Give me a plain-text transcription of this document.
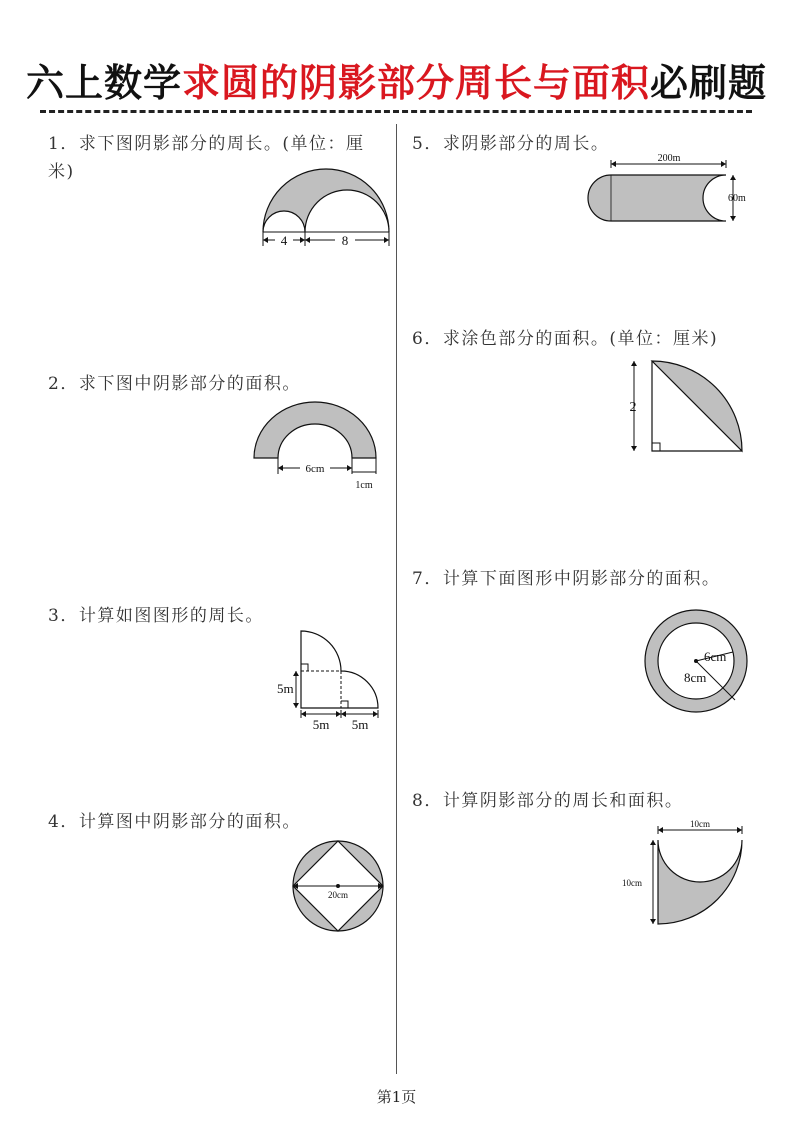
六上数学求圆的阴影部分周长与面积必刷题
1．求下图阴影部分的周长。(单位：厘米)
4	8
2．求下图中阴影部分的面积。
6cm
1cm
3．计算如图图形的周长。
5m
5m 5m
4．计算图中阴影部分的面积。
20cm
5．求阴影部分的周长。
200m
60m
6．求涂色部分的面积。(单位：厘米)
2
7．计算下面图形中阴影部分的面积。
6cm
8cm
8．计算阴影部分的周长和面积。
10cm
10cm
第1页
